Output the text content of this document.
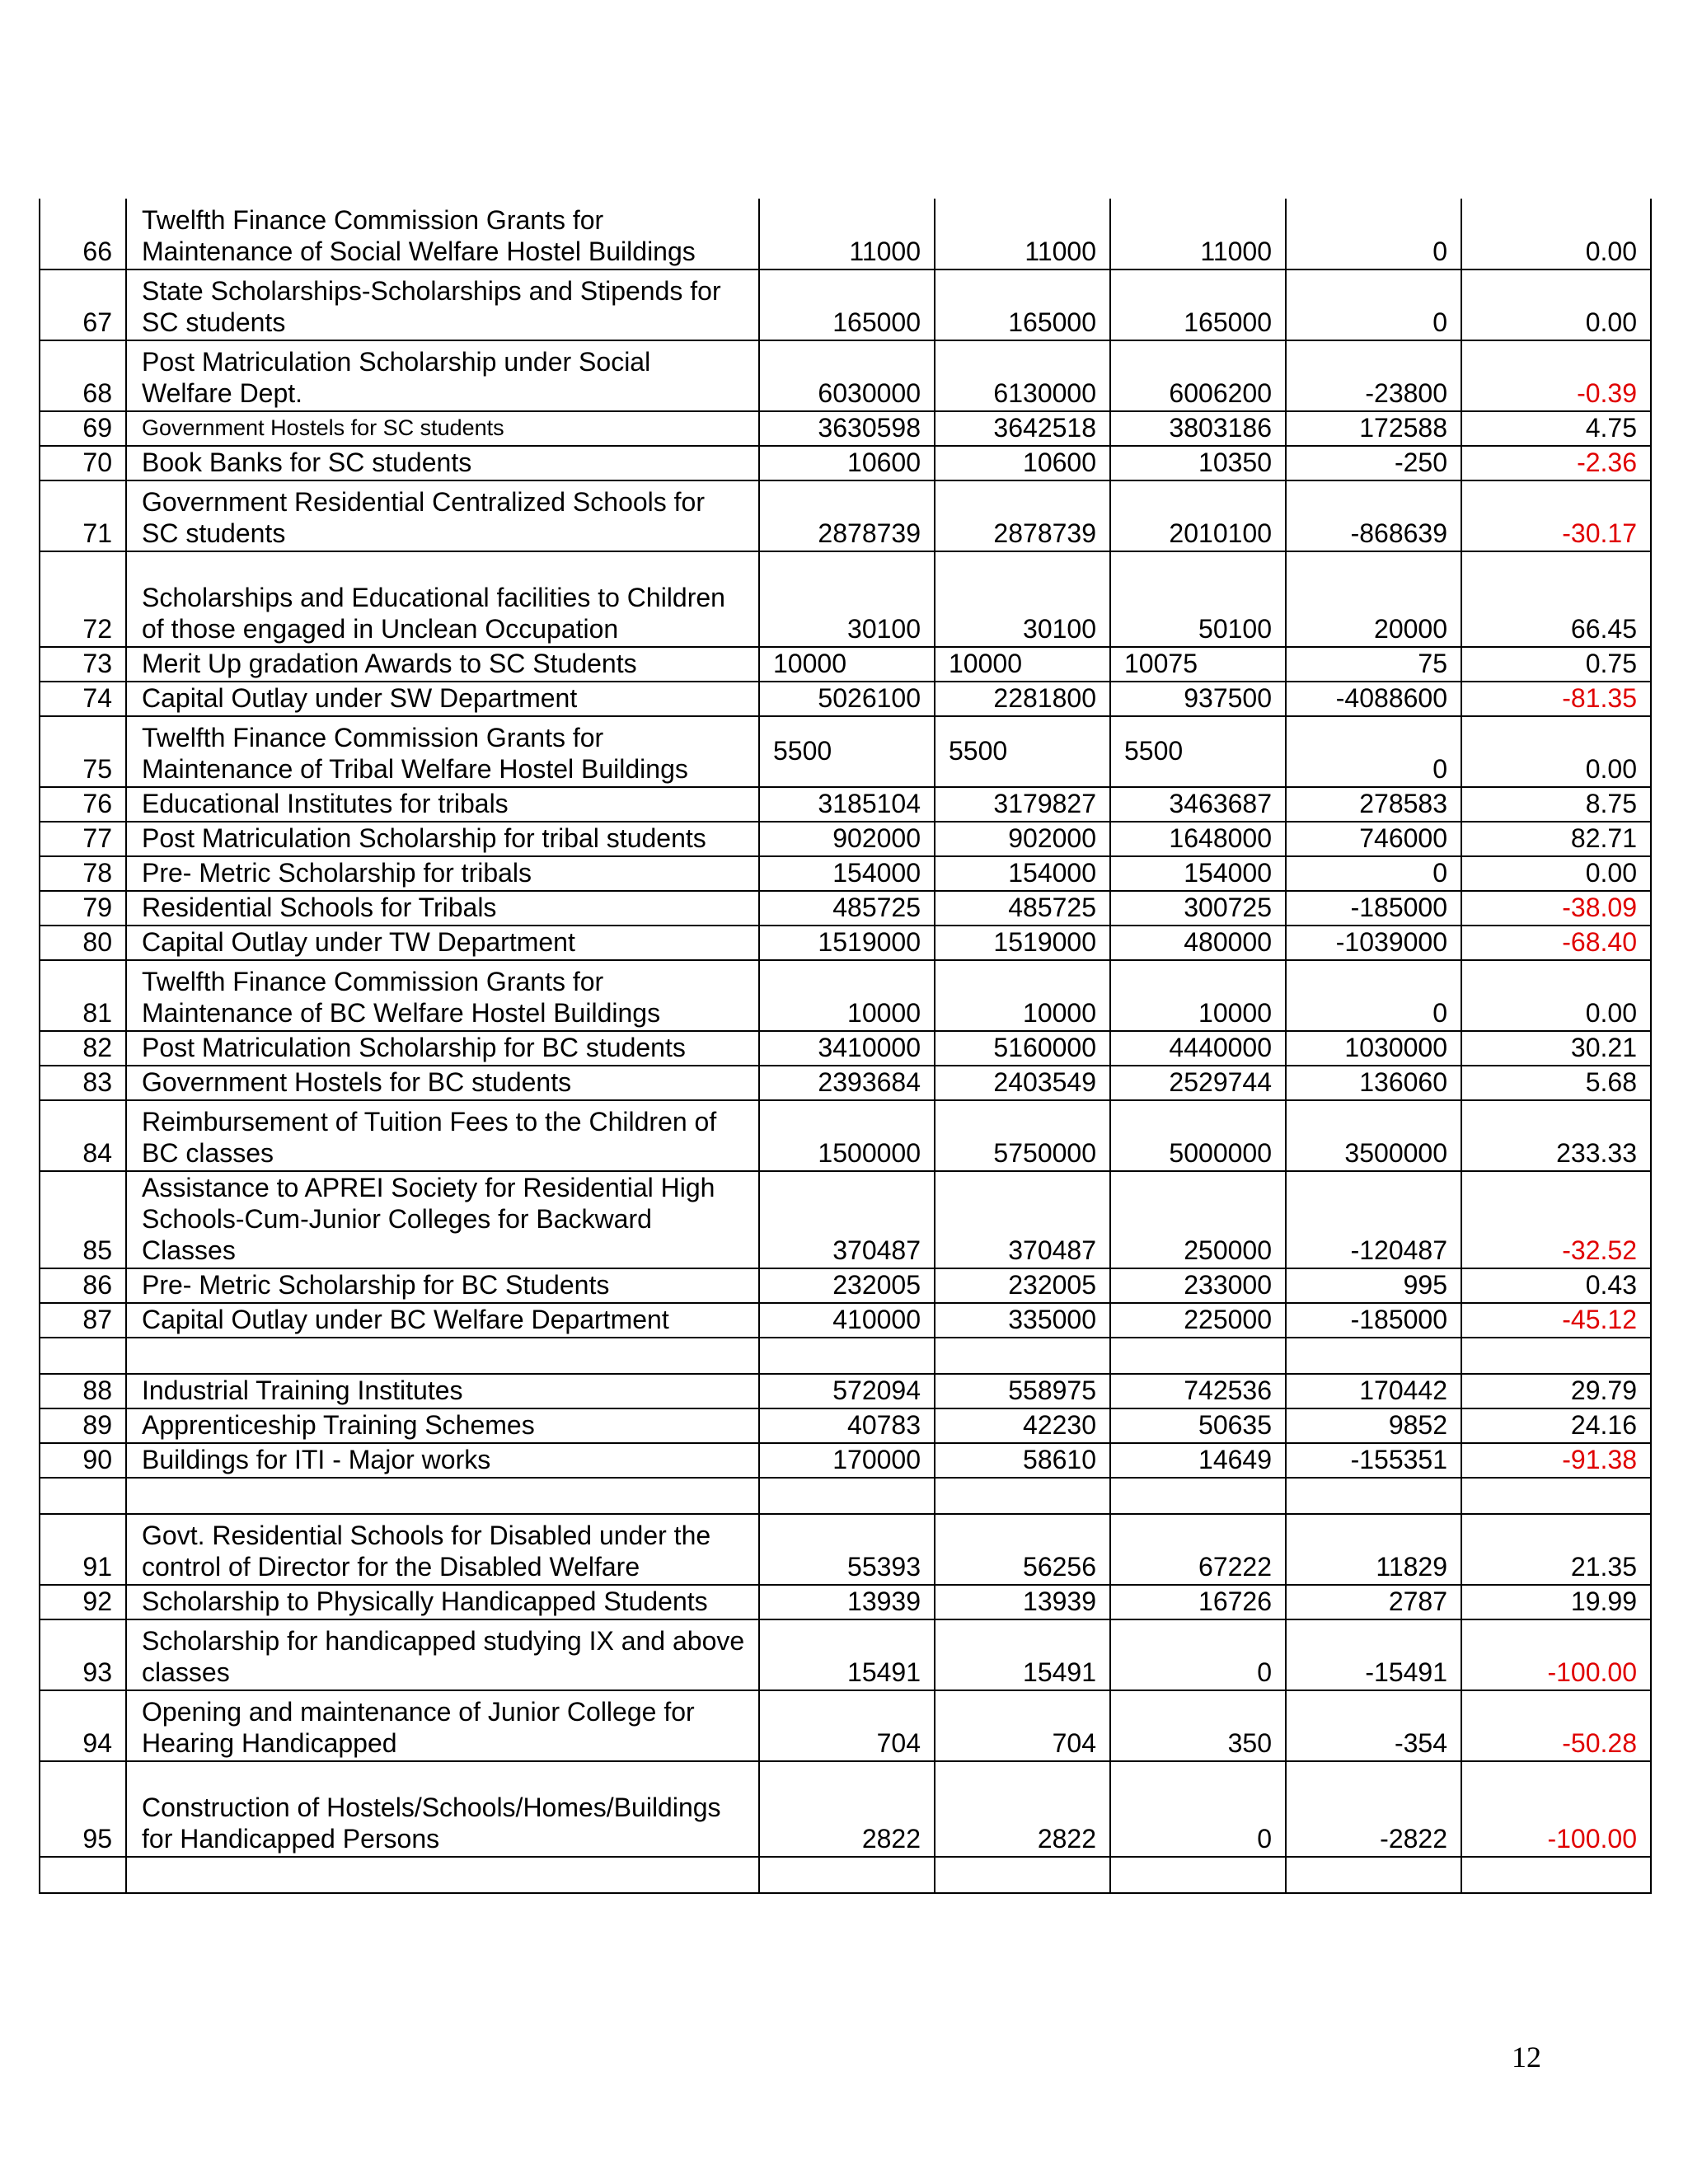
66	Twelfth Finance Commission Grants for Maintenance of Social Welfare Hostel Buildings	11000	11000	11000	0	0.00
67	State Scholarships-Scholarships and Stipends for SC students	165000	165000	165000	0	0.00
68	Post Matriculation Scholarship under Social Welfare Dept.	6030000	6130000	6006200	-23800	-0.39
69	Government Hostels for SC students	3630598	3642518	3803186	172588	4.75
70	Book Banks for SC students	10600	10600	10350	-250	-2.36
71	Government Residential Centralized Schools for SC students	2878739	2878739	2010100	-868639	-30.17
72	Scholarships and Educational facilities to Children of those engaged in Unclean Occupation	30100	30100	50100	20000	66.45
73	Merit Up gradation Awards to SC Students	10000	10000	10075	75	0.75
74	Capital Outlay under SW Department	5026100	2281800	937500	-4088600	-81.35
75	Twelfth Finance Commission Grants for Maintenance of Tribal Welfare Hostel Buildings	5500	5500	5500	0	0.00
76	Educational Institutes for tribals	3185104	3179827	3463687	278583	8.75
77	Post Matriculation Scholarship for tribal students	902000	902000	1648000	746000	82.71
78	Pre- Metric Scholarship for tribals	154000	154000	154000	0	0.00
79	Residential Schools for Tribals	485725	485725	300725	-185000	-38.09
80	Capital Outlay under TW Department	1519000	1519000	480000	-1039000	-68.40
81	Twelfth Finance Commission Grants for Maintenance of BC Welfare Hostel Buildings	10000	10000	10000	0	0.00
82	Post Matriculation Scholarship for BC students	3410000	5160000	4440000	1030000	30.21
83	Government Hostels for BC students	2393684	2403549	2529744	136060	5.68
84	Reimbursement of Tuition Fees to the Children of BC classes	1500000	5750000	5000000	3500000	233.33
85	Assistance to APREI Society for Residential High Schools-Cum-Junior Colleges for Backward Classes	370487	370487	250000	-120487	-32.52
86	Pre- Metric Scholarship for BC Students	232005	232005	233000	995	0.43
87	Capital Outlay under BC Welfare Department	410000	335000	225000	-185000	-45.12

88	Industrial Training Institutes	572094	558975	742536	170442	29.79
89	Apprenticeship Training Schemes	40783	42230	50635	9852	24.16
90	Buildings for ITI - Major works	170000	58610	14649	-155351	-91.38

91	Govt. Residential Schools for Disabled under the control of Director for the Disabled Welfare	55393	56256	67222	11829	21.35
92	Scholarship to Physically Handicapped Students	13939	13939	16726	2787	19.99
93	Scholarship for handicapped studying IX and above classes	15491	15491	0	-15491	-100.00
94	Opening and maintenance of Junior College for Hearing Handicapped	704	704	350	-354	-50.28
95	Construction of Hostels/Schools/Homes/Buildings for Handicapped Persons	2822	2822	0	-2822	-100.00

12
